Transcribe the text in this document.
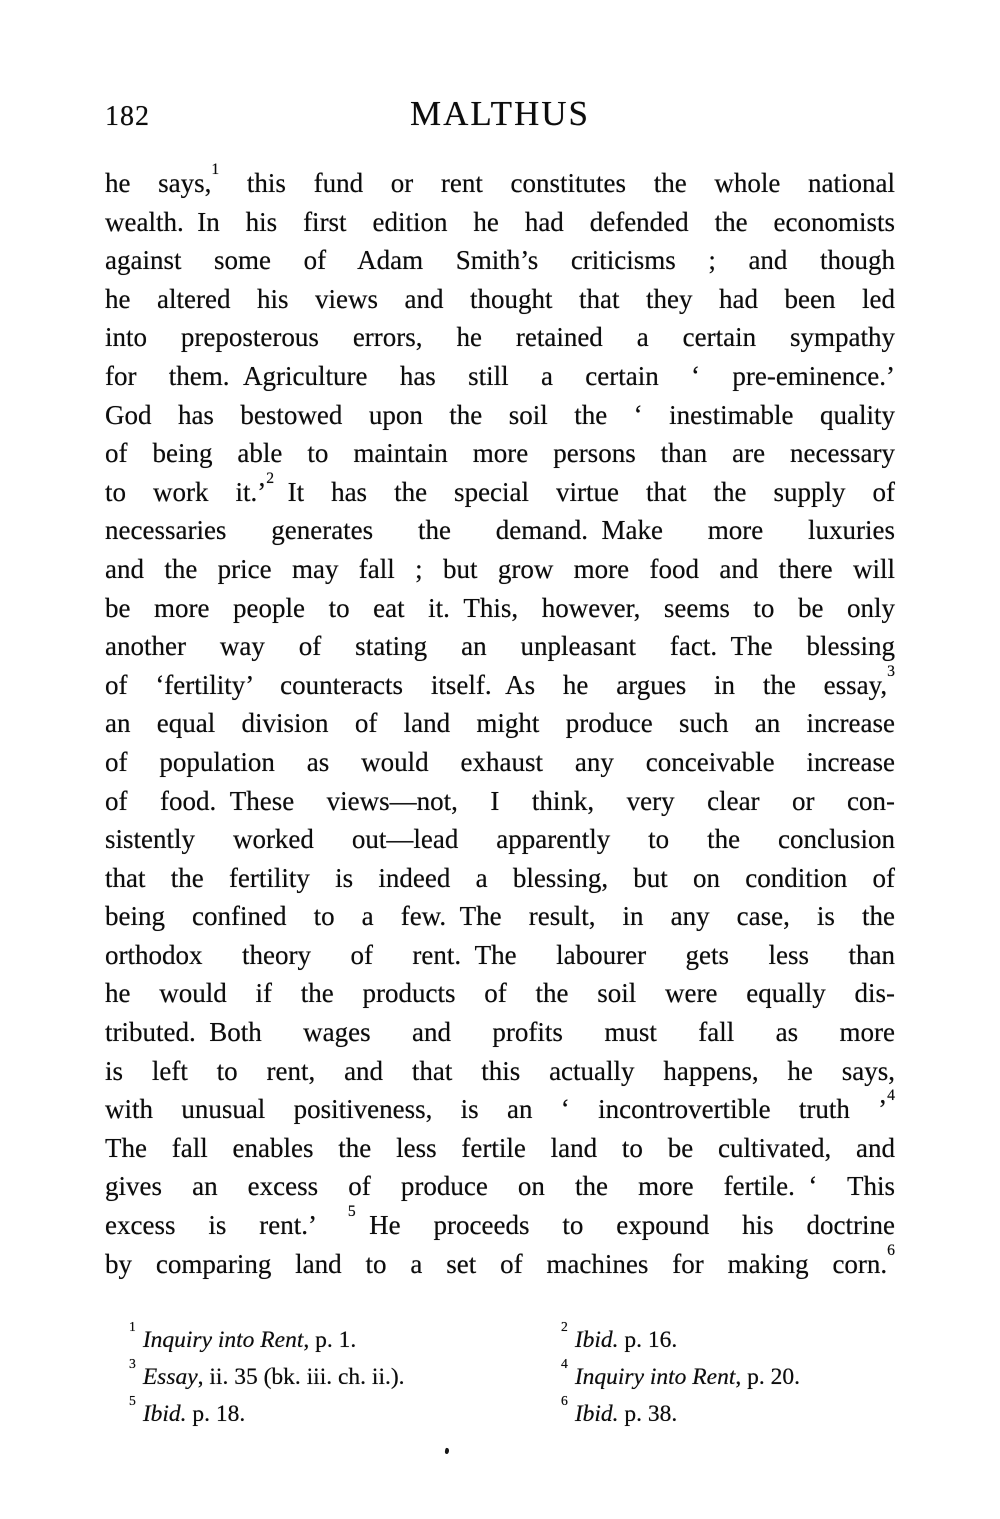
182	MALTHUS
he says,$^1$ this fund or rent constitutes the whole national
wealth. In his first edition he had defended the economists
against some of Adam Smith’s criticisms ; and though
he altered his views and thought that they had been led
into preposterous errors, he retained a certain sympathy
for them. Agriculture has still a certain ‘ pre-eminence.’
God has bestowed upon the soil the ‘ inestimable quality
of being able to maintain more persons than are necessary
to work it.’$^2$ It has the special virtue that the supply of
necessaries generates the demand. Make more luxuries
and the price may fall ; but grow more food and there will
be more people to eat it. This, however, seems to be only
another way of stating an unpleasant fact. The blessing
of ‘fertility’ counteracts itself. As he argues in the essay,$^3$
an equal division of land might produce such an increase
of population as would exhaust any conceivable increase
of food. These views—not, I think, very clear or con-
sistently worked out—lead apparently to the conclusion
that the fertility is indeed a blessing, but on condition of
being confined to a few. The result, in any case, is the
orthodox theory of rent. The labourer gets less than
he would if the products of the soil were equally dis-
tributed. Both wages and profits must fall as more
is left to rent, and that this actually happens, he says,
with unusual positiveness, is an ‘ incontrovertible truth ’$^4$
The fall enables the less fertile land to be cultivated, and
gives an excess of produce on the more fertile. ‘ This
excess is rent.’ $^5$ He proceeds to expound his doctrine
by comparing land to a set of machines for making corn.$^6$
$^1$Inquiry into Rent, p. 1.
$^2$Ibid. p. 16.
$^3$Essay, ii. 35 (bk. iii. ch. ii.).
$^4$Inquiry into Rent, p. 20.
$^5$Ibid. p. 18.
$^6$Ibid. p. 38.
